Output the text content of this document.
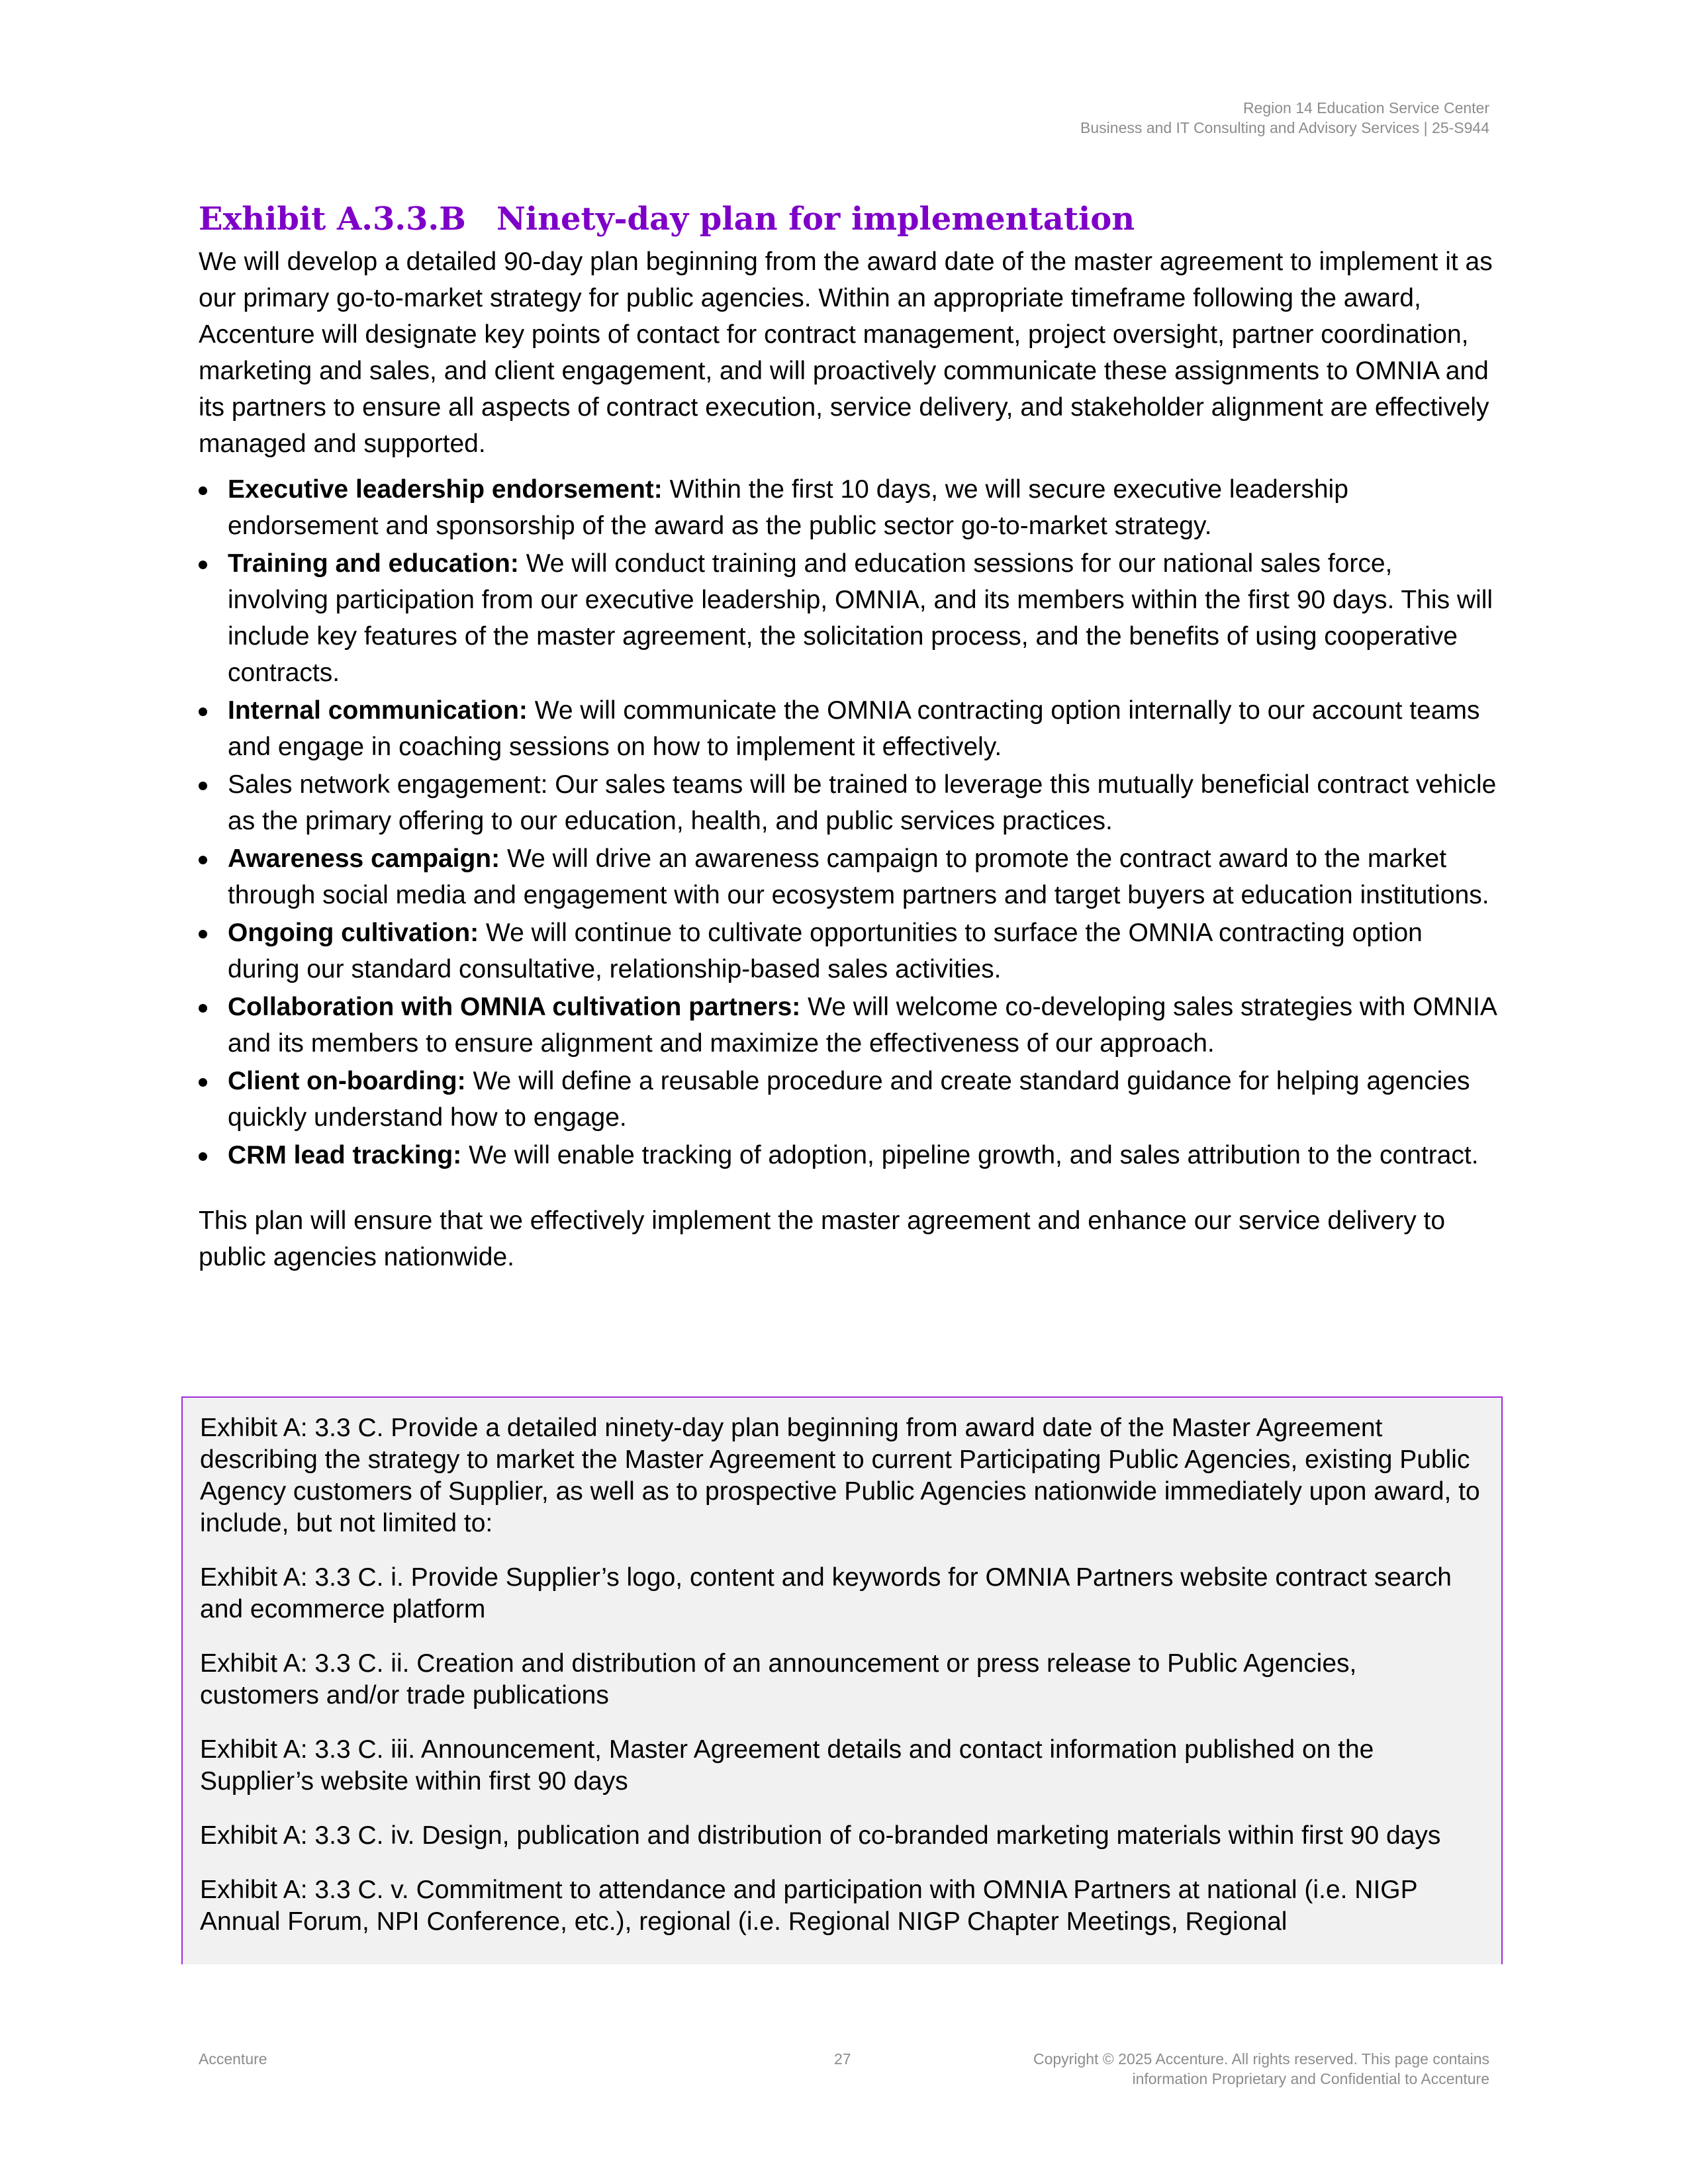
Region 14 Education Service Center
Business and IT Consulting and Advisory Services | 25-S944
Exhibit A.3.3.B Ninety-day plan for implementation

We will develop a detailed 90-day plan beginning from the award date of the master agreement to implement it as our primary go-to-market strategy for public agencies. Within an appropriate timeframe following the award, Accenture will designate key points of contact for contract management, project oversight, partner coordination, marketing and sales, and client engagement, and will proactively communicate these assignments to OMNIA and its partners to ensure all aspects of contract execution, service delivery, and stakeholder alignment are effectively managed and supported.

Executive leadership endorsement: Within the first 10 days, we will secure executive leadership endorsement and sponsorship of the award as the public sector go-to-market strategy.
Training and education: We will conduct training and education sessions for our national sales force, involving participation from our executive leadership, OMNIA, and its members within the first 90 days. This will include key features of the master agreement, the solicitation process, and the benefits of using cooperative contracts.
Internal communication: We will communicate the OMNIA contracting option internally to our account teams and engage in coaching sessions on how to implement it effectively.
Sales network engagement: Our sales teams will be trained to leverage this mutually beneficial contract vehicle as the primary offering to our education, health, and public services practices.
Awareness campaign: We will drive an awareness campaign to promote the contract award to the market through social media and engagement with our ecosystem partners and target buyers at education institutions.
Ongoing cultivation: We will continue to cultivate opportunities to surface the OMNIA contracting option during our standard consultative, relationship-based sales activities.
Collaboration with OMNIA cultivation partners: We will welcome co-developing sales strategies with OMNIA and its members to ensure alignment and maximize the effectiveness of our approach.
Client on-boarding: We will define a reusable procedure and create standard guidance for helping agencies quickly understand how to engage.
CRM lead tracking: We will enable tracking of adoption, pipeline growth, and sales attribution to the contract.

This plan will ensure that we effectively implement the master agreement and enhance our service delivery to public agencies nationwide.

Exhibit A: 3.3 C. Provide a detailed ninety-day plan beginning from award date of the Master Agreement describing the strategy to market the Master Agreement to current Participating Public Agencies, existing Public Agency customers of Supplier, as well as to prospective Public Agencies nationwide immediately upon award, to include, but not limited to:

Exhibit A: 3.3 C. i. Provide Supplier’s logo, content and keywords for OMNIA Partners website contract search and ecommerce platform

Exhibit A: 3.3 C. ii. Creation and distribution of an announcement or press release to Public Agencies, customers and/or trade publications

Exhibit A: 3.3 C. iii. Announcement, Master Agreement details and contact information published on the Supplier’s website within first 90 days

Exhibit A: 3.3 C. iv. Design, publication and distribution of co-branded marketing materials within first 90 days

Exhibit A: 3.3 C. v. Commitment to attendance and participation with OMNIA Partners at national (i.e. NIGP Annual Forum, NPI Conference, etc.), regional (i.e. Regional NIGP Chapter Meetings, Regional

Accenture	27	Copyright © 2025 Accenture. All rights reserved. This page contains
information Proprietary and Confidential to Accenture
